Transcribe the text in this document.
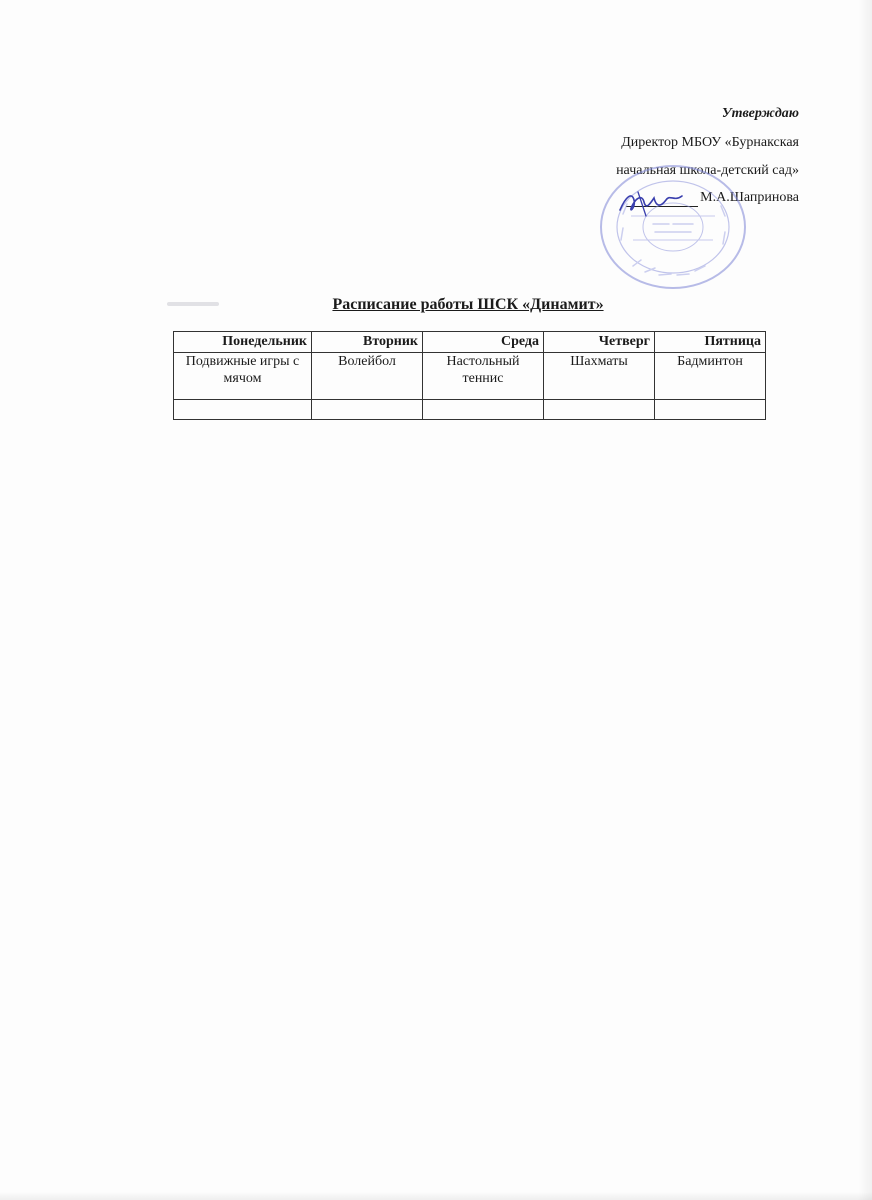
Утверждаю
Директор МБОУ «Бурнакская
начальная школа-детский сад»
М.А.Шапринова
Расписание работы ШСК «Динамит»
Понедельник	Вторник	Среда	Четверг	Пятница
Подвижные игры с мячом	Волейбол	Настольный теннис	Шахматы	Бадминтон
